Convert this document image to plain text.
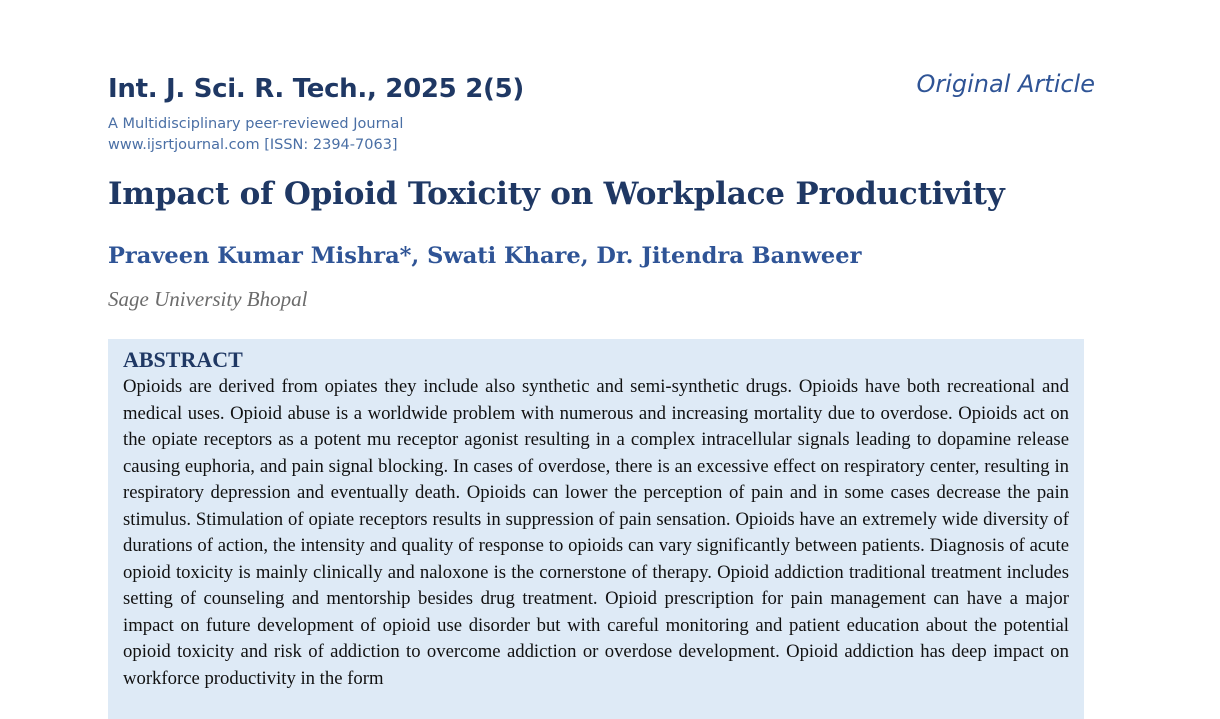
Int. J. Sci. R. Tech., 2025 2(5)	Original Article
A Multidisciplinary peer-reviewed Journal
www.ijsrtjournal.com [ISSN: 2394-7063]
Impact of Opioid Toxicity on Workplace Productivity
Praveen Kumar Mishra*, Swati Khare, Dr. Jitendra Banweer
Sage University Bhopal
ABSTRACT

Opioids are derived from opiates they include also synthetic and semi-synthetic drugs. Opioids have both recreational and medical uses. Opioid abuse is a worldwide problem with numerous and increasing mortality due to overdose. Opioids act on the opiate receptors as a potent mu receptor agonist resulting in a complex intracellular signals leading to dopamine release causing euphoria, and pain signal blocking. In cases of overdose, there is an excessive effect on respiratory center, resulting in respiratory depression and eventually death. Opioids can lower the perception of pain and in some cases decrease the pain stimulus. Stimulation of opiate receptors results in suppression of pain sensation. Opioids have an extremely wide diversity of durations of action, the intensity and quality of response to opioids can vary significantly between patients. Diagnosis of acute opioid toxicity is mainly clinically and naloxone is the cornerstone of therapy. Opioid addiction traditional treatment includes setting of counseling and mentorship besides drug treatment. Opioid prescription for pain management can have a major impact on future development of opioid use disorder but with careful monitoring and patient education about the potential opioid toxicity and risk of addiction to overcome addiction or overdose development. Opioid addiction has deep impact on workforce productivity in the form
